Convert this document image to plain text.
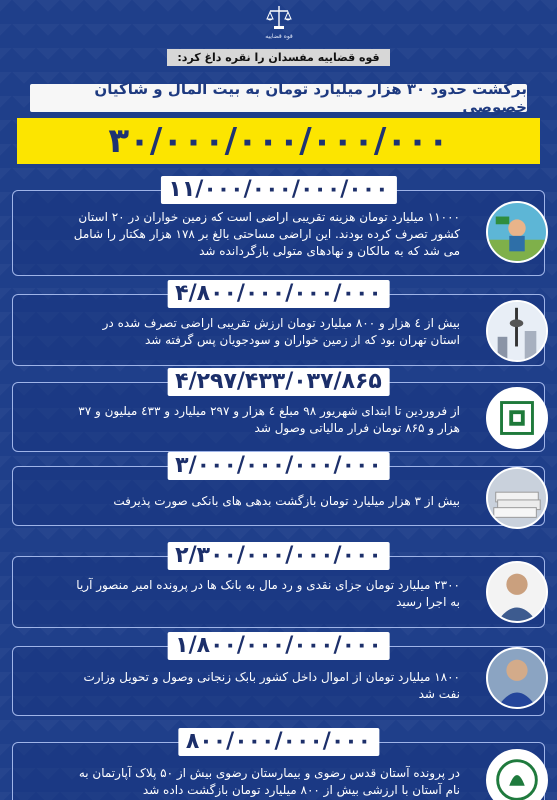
قوه قضاییه
قوه قضاییه مفسدان را نقره داغ کرد:
برگشت حدود ۳۰ هزار میلیارد تومان به بیت المال و شاکیان خصوصی
۳۰/۰۰۰/۰۰۰/۰۰۰/۰۰۰
۱۱/۰۰۰/۰۰۰/۰۰۰/۰۰۰
۱۱۰۰۰ میلیارد تومان هزینه تقریبی اراضی است که زمین خواران در ۲۰ استان کشور تصرف کرده بودند. این اراضی مساحتی بالغ بر ۱۷۸ هزار هکتار را شامل می شد که به مالکان و نهادهای متولی بازگردانده شد
۴/۸۰۰/۰۰۰/۰۰۰/۰۰۰
بیش از ٤ هزار و ۸۰۰ میلیارد تومان ارزش تقریبی اراضی تصرف شده در استان تهران بود که از زمین خواران و سودجویان پس گرفته شد
۴/۲۹۷/۴۳۳/۰۳۷/۸۶۵
از فروردین تا ابتدای شهریور ۹۸ مبلغ ٤ هزار و ۲۹۷ میلیارد و ٤۳۳ میلیون و ۳۷ هزار و ۸۶۵ تومان فرار مالیاتی وصول شد
۳/۰۰۰/۰۰۰/۰۰۰/۰۰۰
بیش از ۳ هزار میلیارد تومان بازگشت بدهی های بانکی صورت پذیرفت
۲/۳۰۰/۰۰۰/۰۰۰/۰۰۰
۲۳۰۰ میلیارد تومان جزای نقدی و رد مال به بانک ها در پرونده امیر منصور آریا به اجرا رسید
۱/۸۰۰/۰۰۰/۰۰۰/۰۰۰
۱۸۰۰ میلیارد تومان از اموال داخل کشور بابک زنجانی وصول و تحویل وزارت نفت شد
۸۰۰/۰۰۰/۰۰۰/۰۰۰
در پرونده آستان قدس رضوی و بیمارستان رضوی بیش از ۵۰ پلاک آپارتمان به نام آستان با ارزشی بیش از ۸۰۰ میلیارد تومان بازگشت داده شد
